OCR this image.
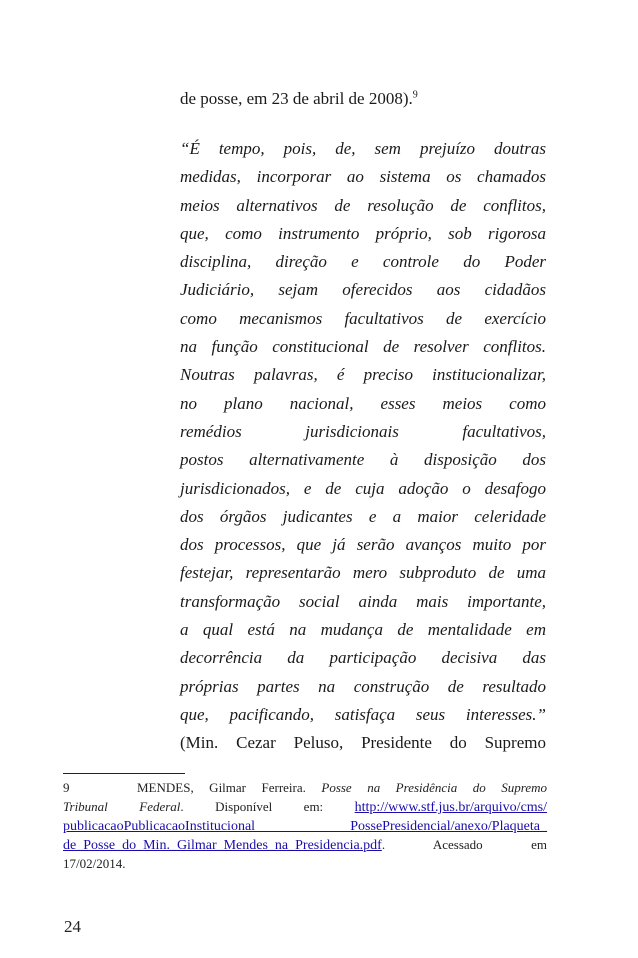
de posse, em 23 de abril de 2008).$^9$
“É tempo, pois, de, sem prejuízo doutras
medidas, incorporar ao sistema os chamados
meios alternativos de resolução de conflitos,
que, como instrumento próprio, sob rigorosa
disciplina, direção e controle do Poder
Judiciário, sejam oferecidos aos cidadãos
como mecanismos facultativos de exercício
na função constitucional de resolver conflitos.
Noutras palavras, é preciso institucionalizar,
no plano nacional, esses meios como
remédios jurisdicionais facultativos,
postos alternativamente à disposição dos
jurisdicionados, e de cuja adoção o desafogo
dos órgãos judicantes e a maior celeridade
dos processos, que já serão avanços muito por
festejar, representarão mero subproduto de uma
transformação social ainda mais importante,
a qual está na mudança de mentalidade em
decorrência da participação decisiva das
próprias partes na construção de resultado
que, pacificando, satisfaça seus interesses.”
(Min. Cezar Peluso, Presidente do Supremo
9	MENDES, Gilmar Ferreira. Posse na Presidência do Supremo
Tribunal Federal. Disponível em: http://www.stf.jus.br/arquivo/cms/
publicacaoPublicacaoInstitucional PossePresidencial/anexo/Plaqueta_
de_Posse_do_Min._Gilmar_Mendes_na_Presidencia.pdf. Acessado em
17/02/2014.
24
